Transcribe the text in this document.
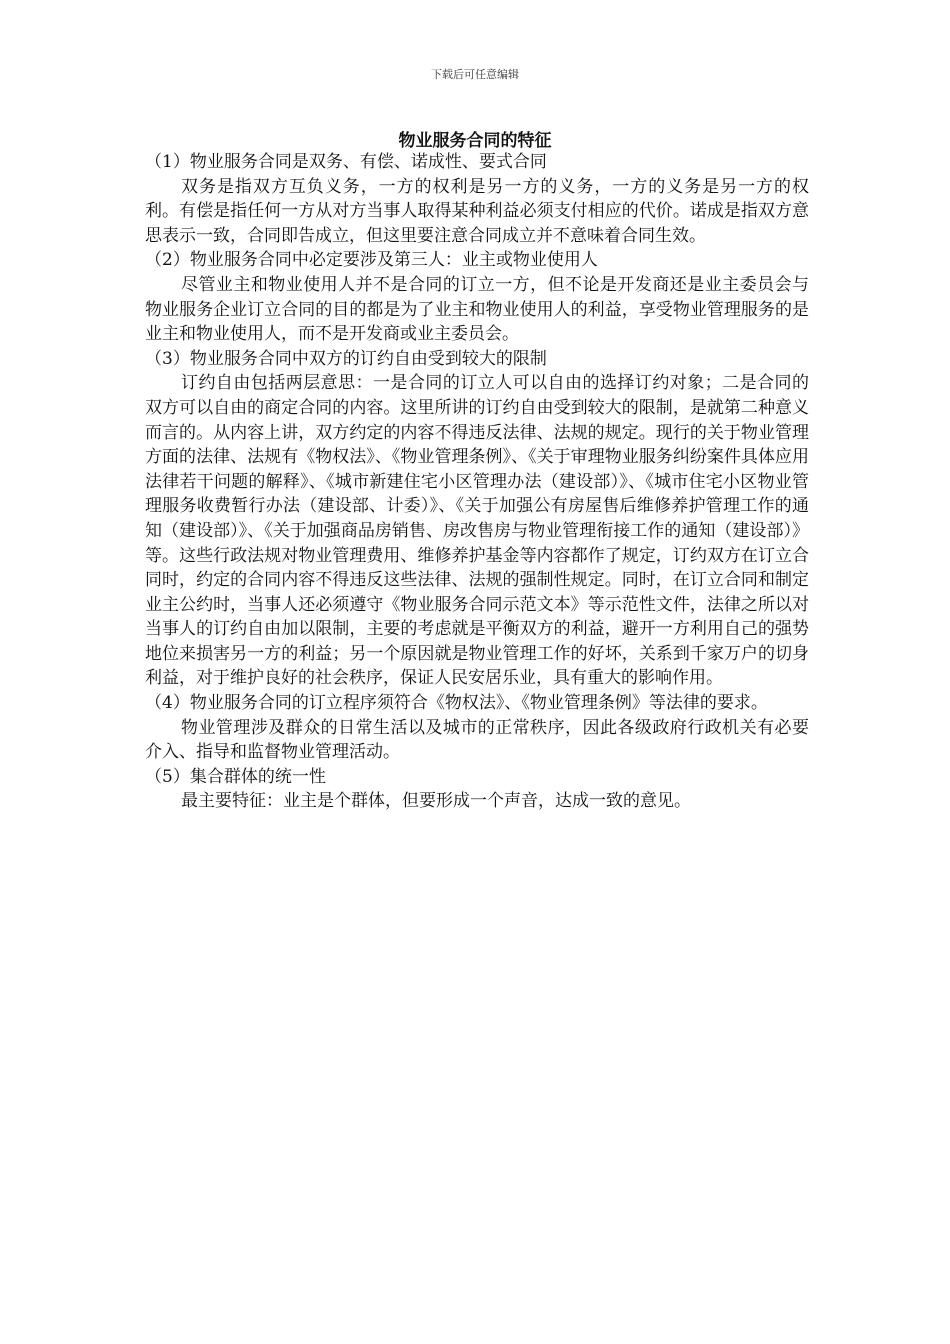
下载后可任意编辑
物业服务合同的特征

（1）物业服务合同是双务、有偿、诺成性、要式合同

双务是指双方互负义务，一方的权利是另一方的义务，一方的义务是另一方的权利。有偿是指任何一方从对方当事人取得某种利益必须支付相应的代价。诺成是指双方意思表示一致，合同即告成立，但这里要注意合同成立并不意味着合同生效。

（2）物业服务合同中必定要涉及第三人：业主或物业使用人

尽管业主和物业使用人并不是合同的订立一方，但不论是开发商还是业主委员会与物业服务企业订立合同的目的都是为了业主和物业使用人的利益，享受物业管理服务的是业主和物业使用人，而不是开发商或业主委员会。

（3）物业服务合同中双方的订约自由受到较大的限制

订约自由包括两层意思：一是合同的订立人可以自由的选择订约对象；二是合同的双方可以自由的商定合同的内容。这里所讲的订约自由受到较大的限制，是就第二种意义而言的。从内容上讲，双方约定的内容不得违反法律、法规的规定。现行的关于物业管理方面的法律、法规有《物权法》、《物业管理条例》、《关于审理物业服务纠纷案件具体应用法律若干问题的解释》、《城市新建住宅小区管理办法（建设部）》、《城市住宅小区物业管理服务收费暂行办法（建设部、计委）》、《关于加强公有房屋售后维修养护管理工作的通知（建设部）》、《关于加强商品房销售、房改售房与物业管理衔接工作的通知（建设部）》等。这些行政法规对物业管理费用、维修养护基金等内容都作了规定，订约双方在订立合同时，约定的合同内容不得违反这些法律、法规的强制性规定。同时，在订立合同和制定业主公约时，当事人还必须遵守《物业服务合同示范文本》等示范性文件，法律之所以对当事人的订约自由加以限制，主要的考虑就是平衡双方的利益，避开一方利用自己的强势地位来损害另一方的利益；另一个原因就是物业管理工作的好坏，关系到千家万户的切身利益，对于维护良好的社会秩序，保证人民安居乐业，具有重大的影响作用。

（4）物业服务合同的订立程序须符合《物权法》、《物业管理条例》等法律的要求。

物业管理涉及群众的日常生活以及城市的正常秩序，因此各级政府行政机关有必要介入、指导和监督物业管理活动。

（5）集合群体的统一性

最主要特征：业主是个群体，但要形成一个声音，达成一致的意见。
